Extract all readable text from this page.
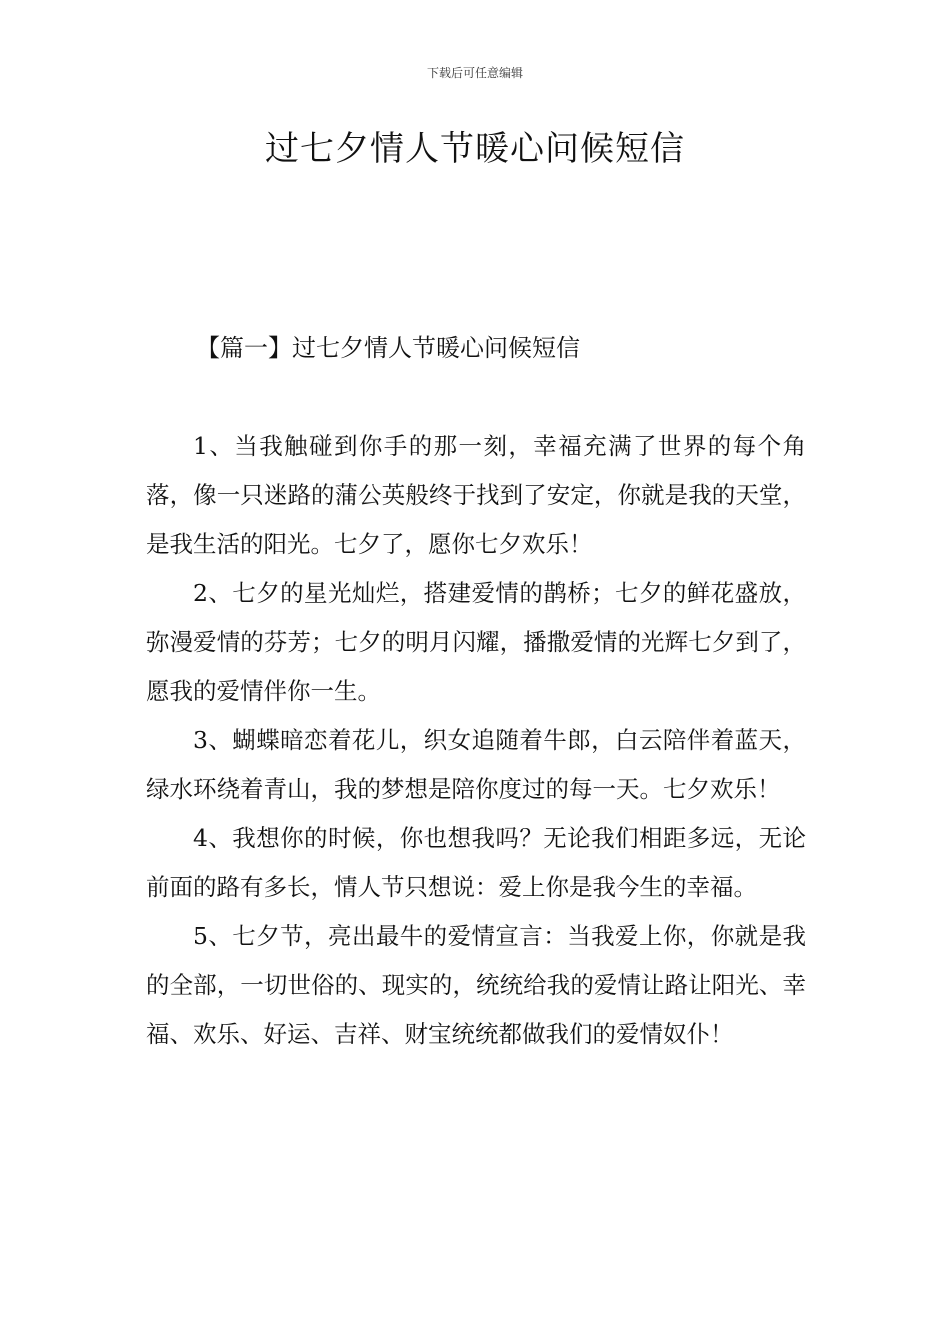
下载后可任意编辑
过七夕情人节暖心问候短信
【篇一】过七夕情人节暖心问候短信

1、当我触碰到你手的那一刻，幸福充满了世界的每个角落，像一只迷路的蒲公英般终于找到了安定，你就是我的天堂，是我生活的阳光。七夕了，愿你七夕欢乐！

2、七夕的星光灿烂，搭建爱情的鹊桥；七夕的鲜花盛放，弥漫爱情的芬芳；七夕的明月闪耀，播撒爱情的光辉七夕到了，愿我的爱情伴你一生。

3、蝴蝶暗恋着花儿，织女追随着牛郎，白云陪伴着蓝天，绿水环绕着青山，我的梦想是陪你度过的每一天。七夕欢乐！

4、我想你的时候，你也想我吗？无论我们相距多远，无论前面的路有多长，情人节只想说：爱上你是我今生的幸福。

5、七夕节，亮出最牛的爱情宣言：当我爱上你，你就是我的全部，一切世俗的、现实的，统统给我的爱情让路让阳光、幸福、欢乐、好运、吉祥、财宝统统都做我们的爱情奴仆！
